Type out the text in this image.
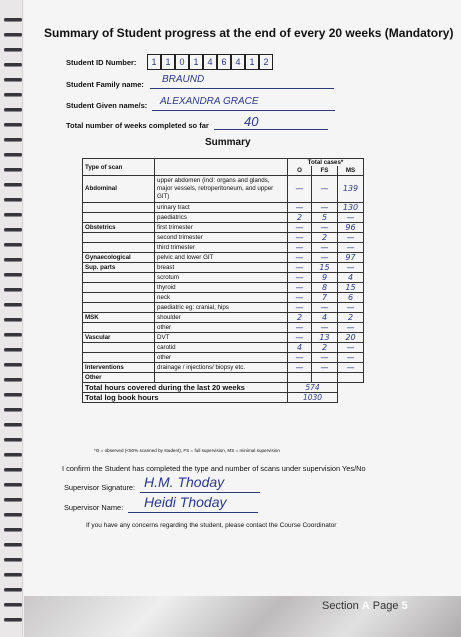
Summary of Student progress at the end of every 20 weeks (Mandatory)
Student ID Number:	1 1 0 1 4 6 4 1 2
Student Family name: BRAUND
Student Given name/s: ALEXANDRA GRACE
Total number of weeks completed so far	40
Summary
Type of scan		Total cases*		
		O	FS	MS
Abdominal	upper abdomen (incl: organs and glands, major vessels, retroperitoneum, and upper GIT)	—	—	139
	urinary tract	—	—	130
	paediatrics	2	5	—
Obstetrics	first trimester	—	—	96
	second trimester	—	2	—
	third trimester	—	—	—
Gynaecological	pelvic and lower GIT	—	—	97
Sup. parts	breast	—	15	—
	scrotum	—	9	4
	thyroid	—	8	15
	neck	—	7	6
	paediatric eg: cranial, hips	—	—	—
MSK	shoulder	2	4	2
	other	—	—	—
Vascular	DVT	—	13	20
	carotid	4	2	—
	other	—	—	—
Interventions	drainage / injections/ biopsy etc.	—	—	—
Other				
Total hours covered during the last 20 weeks		574		
Total log book hours		1030		
*O = observed (<50% scanned by student), FS = full supervision, MS = minimal supervision
I confirm the Student has completed the type and number of scans under supervision Yes/No
Supervisor Signature: H.M. Thoday
Supervisor Name: Heidi Thoday
If you have any concerns regarding the student, please contact the Course Coordinator
Section A Page 5
